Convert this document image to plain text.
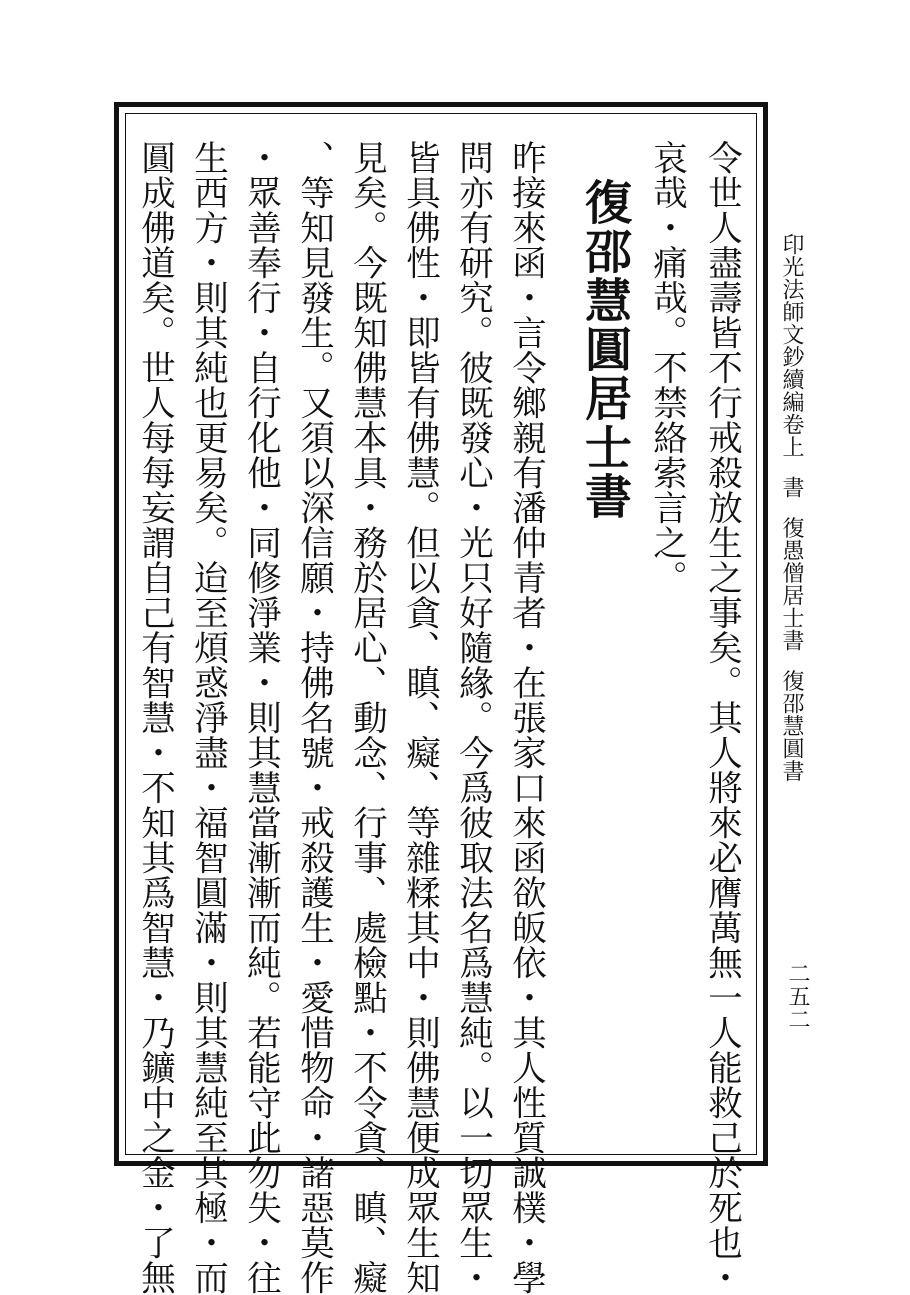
印光法師文鈔續編卷上書復愚僧居士書復邵慧圓書
二五二

令世人盡壽皆不行戒殺放生之事矣。其人將來必膺萬無一人能救己於死也・

哀哉・痛哉。不禁絡索言之。

復邵慧圓居士書

昨接來函・言令鄉親有潘仲青者・在張家口來函欲皈依・其人性質誠樸・學

問亦有研究。彼既發心・光只好隨緣。今爲彼取法名爲慧純。以一切眾生・

皆具佛性・即皆有佛慧。但以貪、瞋、癡、等雜糅其中・則佛慧便成眾生知

見矣。今既知佛慧本具・務於居心、動念、行事、處檢點・不令貪、瞋、癡

、等知見發生。又須以深信願・持佛名號・戒殺護生・愛惜物命・諸惡莫作

・眾善奉行・自行化他・同修淨業・則其慧當漸漸而純。若能守此勿失・往

生西方・則其純也更易矣。迨至煩惑淨盡・福智圓滿・則其慧純至其極・而

圓成佛道矣。世人每每妄謂自己有智慧・不知其爲智慧・乃鑛中之金・了無
